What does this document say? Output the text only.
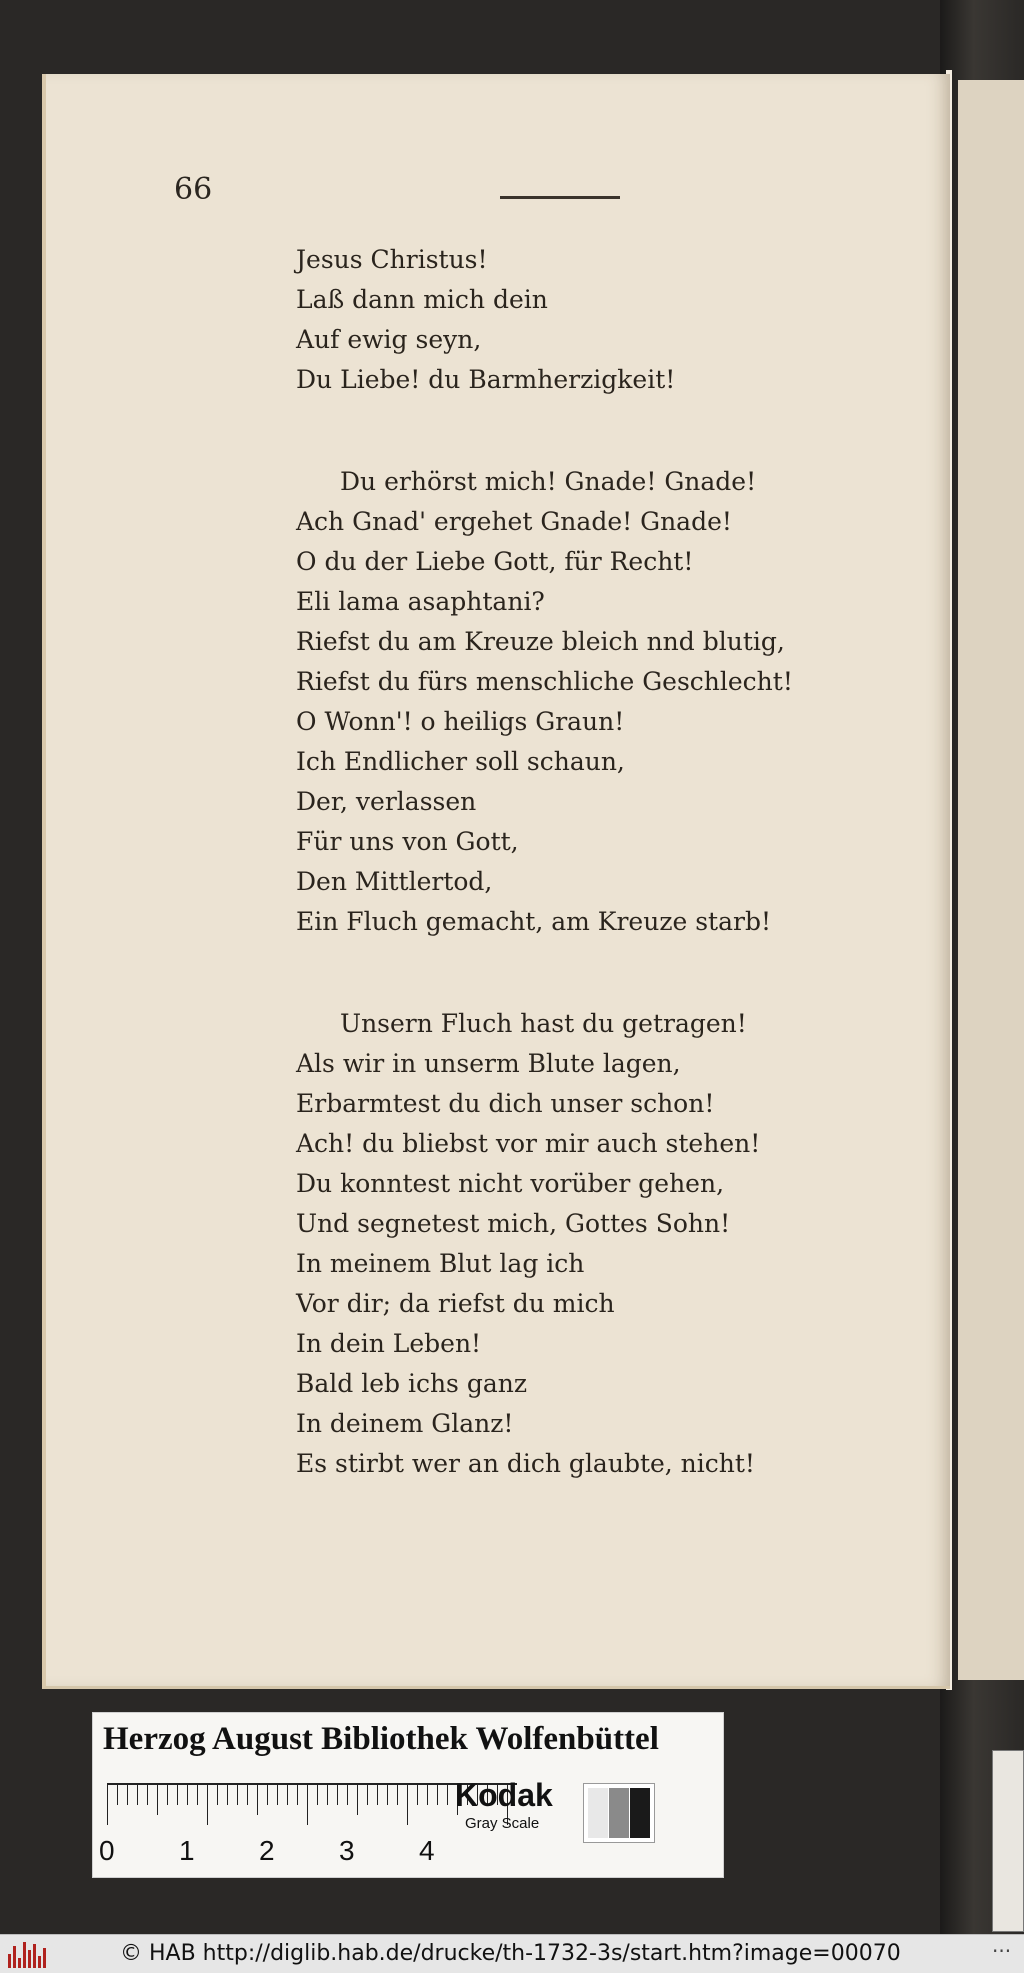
66
Jesus Christus!
Laß dann mich dein
Auf ewig seyn,
Du Liebe! du Barmherzigkeit!
Du erhörst mich! Gnade! Gnade!
Ach Gnad' ergehet Gnade! Gnade!
O du der Liebe Gott, für Recht!
Eli lama asaphtani?
Riefst du am Kreuze bleich nnd blutig,
Riefst du fürs menschliche Geschlecht!
O Wonn'! o heiligs Graun!
Ich Endlicher soll schaun,
Der, verlassen
Für uns von Gott,
Den Mittlertod,
Ein Fluch gemacht, am Kreuze starb!
Unsern Fluch hast du getragen!
Als wir in unserm Blute lagen,
Erbarmtest du dich unser schon!
Ach! du bliebst vor mir auch stehen!
Du konntest nicht vorüber gehen,
Und segnetest mich, Gottes Sohn!
In meinem Blut lag ich
Vor dir; da riefst du mich
In dein Leben!
Bald leb ichs ganz
In deinem Glanz!
Es stirbt wer an dich glaubte, nicht!
Herzog August Bibliothek Wolfenbüttel
0 1 2 3 4
Kodak
Gray Scale
© HAB http://diglib.hab.de/drucke/th-1732-3s/start.htm?image=00070	···
